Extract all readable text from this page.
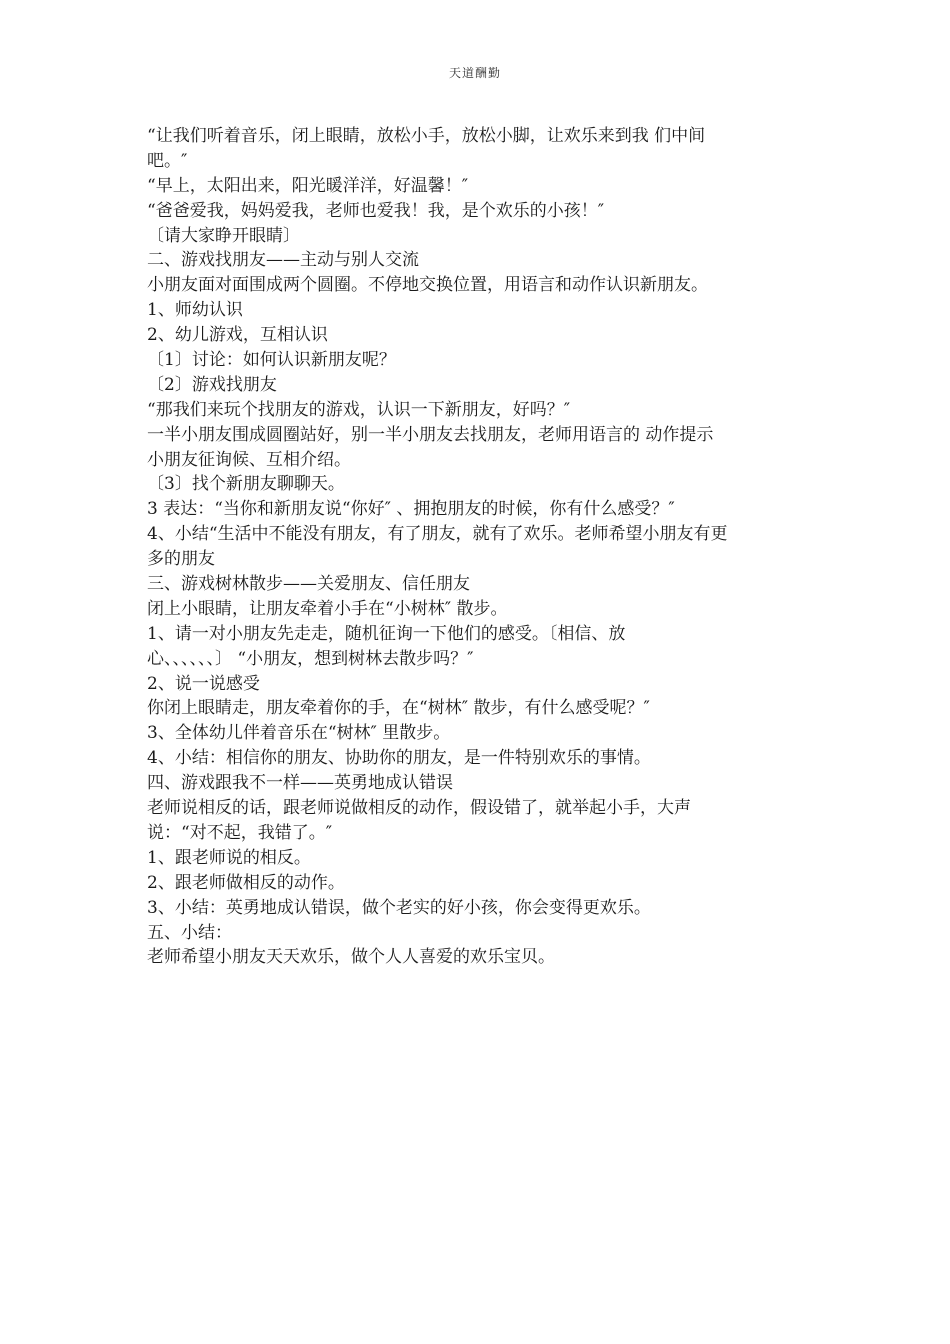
天道酬勤
“让我们听着音乐，闭上眼睛，放松小手，放松小脚，让欢乐来到我 们中间
吧。″
“早上，太阳出来，阳光暖洋洋，好温馨！″
“爸爸爱我，妈妈爱我，老师也爱我！我，是个欢乐的小孩！″
〔请大家睁开眼睛〕
二、游戏找朋友——主动与别人交流
小朋友面对面围成两个圆圈。不停地交换位置，用语言和动作认识新朋友。
1、师幼认识
2、幼儿游戏，互相认识
〔1〕讨论：如何认识新朋友呢？
〔2〕游戏找朋友
“那我们来玩个找朋友的游戏，认识一下新朋友，好吗？″
一半小朋友围成圆圈站好，别一半小朋友去找朋友，老师用语言的 动作提示
小朋友征询候、互相介绍。
〔3〕找个新朋友聊聊天。
3 表达：“当你和新朋友说“你好″ 、拥抱朋友的时候，你有什么感受？″
4、小结“生活中不能没有朋友，有了朋友，就有了欢乐。老师希望小朋友有更
多的朋友
三、游戏树林散步——关爱朋友、信任朋友
闭上小眼睛，让朋友牵着小手在“小树林″ 散步。
1、请一对小朋友先走走，随机征询一下他们的感受。〔相信、放
心、、、、、、〕 “小朋友，想到树林去散步吗？″
2、说一说感受
你闭上眼睛走，朋友牵着你的手，在“树林″ 散步，有什么感受呢？″
3、全体幼儿伴着音乐在“树林″ 里散步。
4、小结：相信你的朋友、协助你的朋友，是一件特别欢乐的事情。
四、游戏跟我不一样——英勇地成认错误
老师说相反的话，跟老师说做相反的动作，假设错了，就举起小手，大声
说：“对不起，我错了。″
1、跟老师说的相反。
2、跟老师做相反的动作。
3、小结：英勇地成认错误，做个老实的好小孩，你会变得更欢乐。
五、小结：
老师希望小朋友天天欢乐，做个人人喜爱的欢乐宝贝。
